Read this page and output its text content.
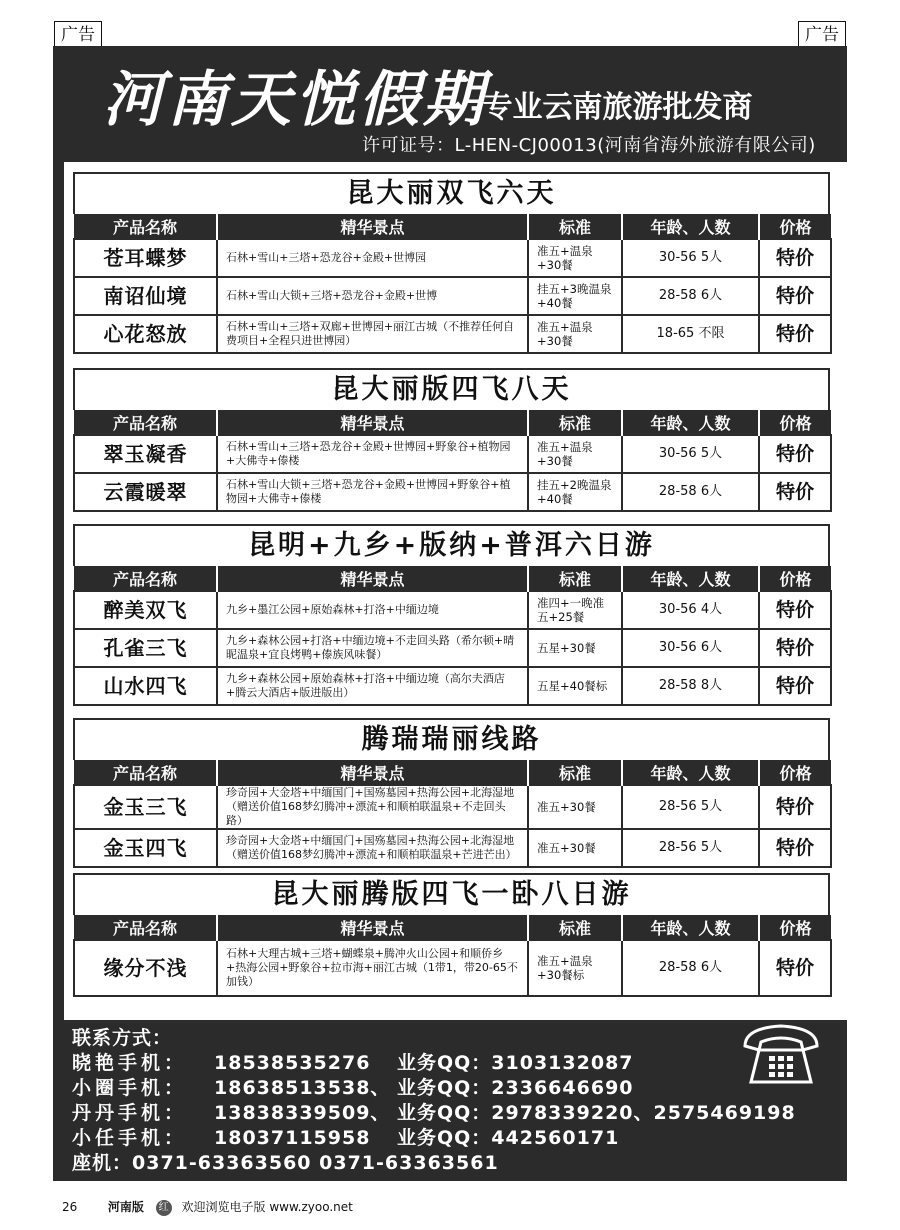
广告	广告
河南天悦假期
-专业云南旅游批发商
许可证号：L-HEN-CJ00013(河南省海外旅游有限公司)
昆大丽双飞六天
产品名称	精华景点	标准	年龄、人数	价格
苍耳蝶梦	石林+雪山+三塔+恐龙谷+金殿+世博园	准五+温泉+30餐	30-56 5人	特价
南诏仙境	石林+雪山大锁+三塔+恐龙谷+金殿+世博	挂五+3晚温泉+40餐	28-58 6人	特价
心花怒放	石林+雪山+三塔+双廊+世博园+丽江古城（不推荐任何自费项目+全程只进世博园）	准五+温泉+30餐	18-65 不限	特价
昆大丽版四飞八天
产品名称	精华景点	标准	年龄、人数	价格
翠玉凝香	石林+雪山+三塔+恐龙谷+金殿+世博园+野象谷+植物园+大佛寺+傣楼	准五+温泉+30餐	30-56 5人	特价
云霞暖翠	石林+雪山大锁+三塔+恐龙谷+金殿+世博园+野象谷+植物园+大佛寺+傣楼	挂五+2晚温泉+40餐	28-58 6人	特价
昆明+九乡+版纳+普洱六日游
产品名称	精华景点	标准	年龄、人数	价格
醉美双飞	九乡+墨江公园+原始森林+打洛+中缅边境	准四+一晚准五+25餐	30-56 4人	特价
孔雀三飞	九乡+森林公园+打洛+中缅边境+不走回头路（希尔顿+晴昵温泉+宜良烤鸭+傣族风味餐）	五星+30餐	30-56 6人	特价
山水四飞	九乡+森林公园+原始森林+打洛+中缅边境（高尔夫酒店+腾云大酒店+版进版出）	五星+40餐标	28-58 8人	特价
腾瑞瑞丽线路
产品名称	精华景点	标准	年龄、人数	价格
金玉三飞	珍奇园+大金塔+中缅国门+国殇墓园+热海公园+北海湿地（赠送价值168梦幻腾冲+漂流+和顺柏联温泉+不走回头路）	准五+30餐	28-56 5人	特价
金玉四飞	珍奇园+大金塔+中缅国门+国殇墓园+热海公园+北海湿地（赠送价值168梦幻腾冲+漂流+和顺柏联温泉+芒进芒出）	准五+30餐	28-56 5人	特价
昆大丽腾版四飞一卧八日游
产品名称	精华景点	标准	年龄、人数	价格
缘分不浅	石林+大理古城+三塔+蝴蝶泉+腾冲火山公园+和顺侨乡+热海公园+野象谷+拉市海+丽江古城（1带1，带20-65不加钱）	准五+温泉+30餐标	28-58 6人	特价
联系方式：
晓艳手机： 18538535276 业务QQ：3103132087
小圈手机： 18638513538、 业务QQ：2336646690
丹丹手机： 13838339509、 业务QQ：2978339220、2575469198
小任手机： 18037115958 业务QQ：442560171
座机：0371-63363560 0371-63363561
26	河南版 红 欢迎浏览电子版 www.zyoo.net
